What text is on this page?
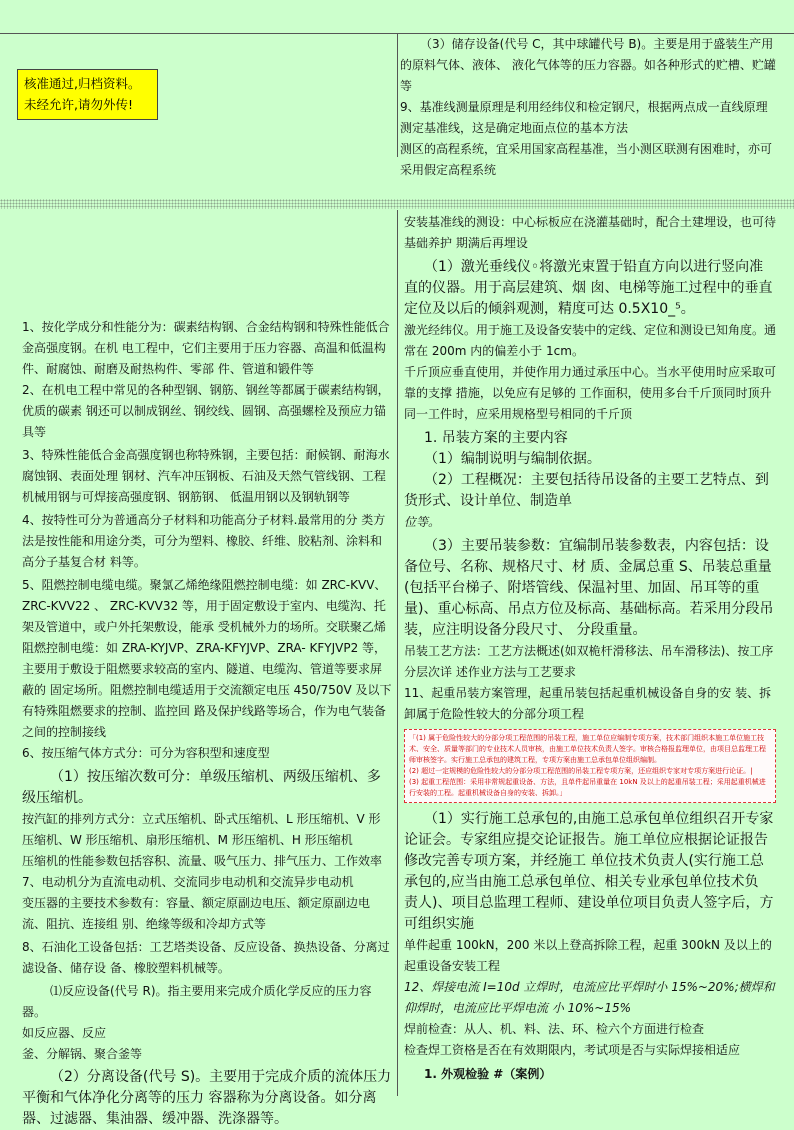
核准通过,归档资料。
未经允许,请勿外传!

（3）储存设备(代号 C，其中球罐代号 B)。主要是用于盛装生产用的原料气体、液体、 液化气体等的压力容器。如各种形式的贮槽、贮罐等

9、基准线测量原理是利用经纬仪和检定钢尺，根据两点成一直线原理测定基准线，这是确定地面点位的基本方法

测区的高程系统，宜采用国家高程基准，当小测区联测有困难时，亦可采用假定高程系统

1、按化学成分和性能分为：碳素结构钢、合金结构钢和特殊性能低合金高强度钢。在机 电工程中，它们主要用于压力容器、高温和低温构件、耐腐蚀、耐磨及耐热构件、零部 件、管道和锻件等

2、在机电工程中常见的各种型钢、钢筋、钢丝等都属于碳素结构钢，优质的碳素 钢还可以制成钢丝、钢绞线、圆钢、高强螺栓及预应力锚具等

3、特殊性能低合金高强度钢也称特殊钢，主要包括：耐候钢、耐海水腐蚀钢、表面处理 钢材、汽车冲压钢板、石油及天然气管线钢、工程机械用钢与可焊接高强度钢、钢筋钢、 低温用钢以及钢轨钢等

4、按特性可分为普通高分子材料和功能高分子材料.最常用的分 类方法是按性能和用途分类，可分为塑料、橡胶、纤维、胶粘剂、涂料和高分子基复合材 料等。

5、阻燃控制电缆电缆。聚氯乙烯绝缘阻燃控制电缆：如 ZRC-KVV、ZRC-KVV22 、 ZRC-KVV32 等，用于固定敷设于室内、电缆沟、托架及管道中，或户外托架敷设，能承 受机械外力的场所。交联聚乙烯阻燃控制电缆：如 ZRA-KYJVP、ZRA-KFYJVP、ZRA- KFYJVP2 等，主要用于敷设于阻燃要求较高的室内、隧道、电缆沟、管道等要求屏蔽的 固定场所。阻燃控制电缆适用于交流额定电压 450/750V 及以下有特殊阻燃要求的控制、监控回 路及保护线路等场合，作为电气装备之间的控制接线

6、按压缩气体方式分：可分为容积型和速度型

（1）按压缩次数可分：单级压缩机、两级压缩机、多级压缩机。

按汽缸的排列方式分：立式压缩机、卧式压缩机、L 形压缩机、V 形压缩机、W 形压缩机、扇形压缩机、M 形压缩机、H 形压缩机

压缩机的性能参数包括容积、流量、吸气压力、排气压力、工作效率

7、电动机分为直流电动机、交流同步电动机和交流异步电动机

变压器的主要技术参数有：容量、额定原副边电压、额定原副边电流、阻抗、连接组 别、绝缘等级和冷却方式等

8、石油化工设备包括：工艺塔类设备、反应设备、换热设备、分离过滤设备、储存设 备、橡胶塑料机械等。

⑴反应设备(代号 R)。指主要用来完成介质化学反应的压力容器。

如反应器、反应

釜、分解锅、聚合釜等

（2）分离设备(代号 S)。主要用于完成介质的流体压力平衡和气体净化分离等的压力 容器称为分离设备。如分离器、过滤器、集油器、缓冲器、洗涤器等。

安装基准线的测设：中心标板应在浇灌基础时，配合土建埋设，也可待基础养护 期满后再埋设

（1）激光垂线仪◦将激光束置于铅直方向以进行竖向准直的仪器。用于高层建筑、烟 囱、电梯等施工过程中的垂直定位及以后的倾斜观测，精度可达 0.5X10_⁵。

激光经纬仪。用于施工及设备安装中的定线、定位和测设已知角度。通常在 200m 内的偏差小于 1cm。

千斤顶应垂直使用，并使作用力通过承压中心。当水平使用时应采取可靠的支撑 措施，以免应有足够的 工作面积，使用多台千斤顶同时顶升同一工件时，应采用规格型号相同的千斤顶

1. 吊装方案的主要内容

（1）编制说明与编制依据。

（2）工程概况：主要包括待吊设备的主要工艺特点、到货形式、设计单位、制造单

位等。

（3）主要吊装参数：宜编制吊装参数表，内容包括：设备位号、名称、规格尺寸、材 质、金属总重 S、吊装总重量(包括平台梯子、附塔管线、保温衬里、加固、吊耳等的重 量)、重心标高、吊点方位及标高、基础标高。若采用分段吊装，应注明设备分段尺寸、 分段重量。

吊装工艺方法：工艺方法概述(如双桅杆滑移法、吊车滑移法)、按工序分层次详 述作业方法与工艺要求

11、起重吊装方案管理，起重吊装包括起重机械设备自身的安 装、拆卸属于危险性较大的分部分项工程

「(1) 属于危险性较大的分部分项工程范围的吊装工程，施工单位应编制专项方案，技术部门组织本施工单位施工技术、安全、质量等部门的专业技术人员审核，由施工单位技术负责人签字。审核合格报监理单位，由项目总监理工程师审核签字。实行施工总承包的建筑工程，专项方案由施工总承包单位组织编制。

(2) 超过一定规模的危险性较大的分部分项工程范围的吊装工程专项方案，还应组织专家对专项方案进行论证。|

(3) 起重工程范围：采用非常规起重设备、方法，且单件起吊重量在 10kN 及以上的起重吊装工程；采用起重机械进行安装的工程。起重机械设备自身的安装、拆卸。」

（1）实行施工总承包的,由施工总承包单位组织召开专家论证会。专家组应提交论证报告。施工单位应根据论证报告修改完善专项方案，并经施工 单位技术负责人(实行施工总承包的,应当由施工总承包单位、相关专业承包单位技术负 责人)、项目总监理工程师、建设单位项目负责人签字后，方可组织实施

单件起重 100kN，200 米以上登高拆除工程，起重 300kN 及以上的起重设备安装工程

12、焊接电流 I=10d 立焊时，电流应比平焊时小 15%~20%;横焊和仰焊时，电流应比平焊电流 小 10%~15%

焊前检查：从人、机、料、法、环、检六个方面进行检查

检查焊工资格是否在有效期限内，考试项是否与实际焊接相适应

1. 外观检验 #（案例）
